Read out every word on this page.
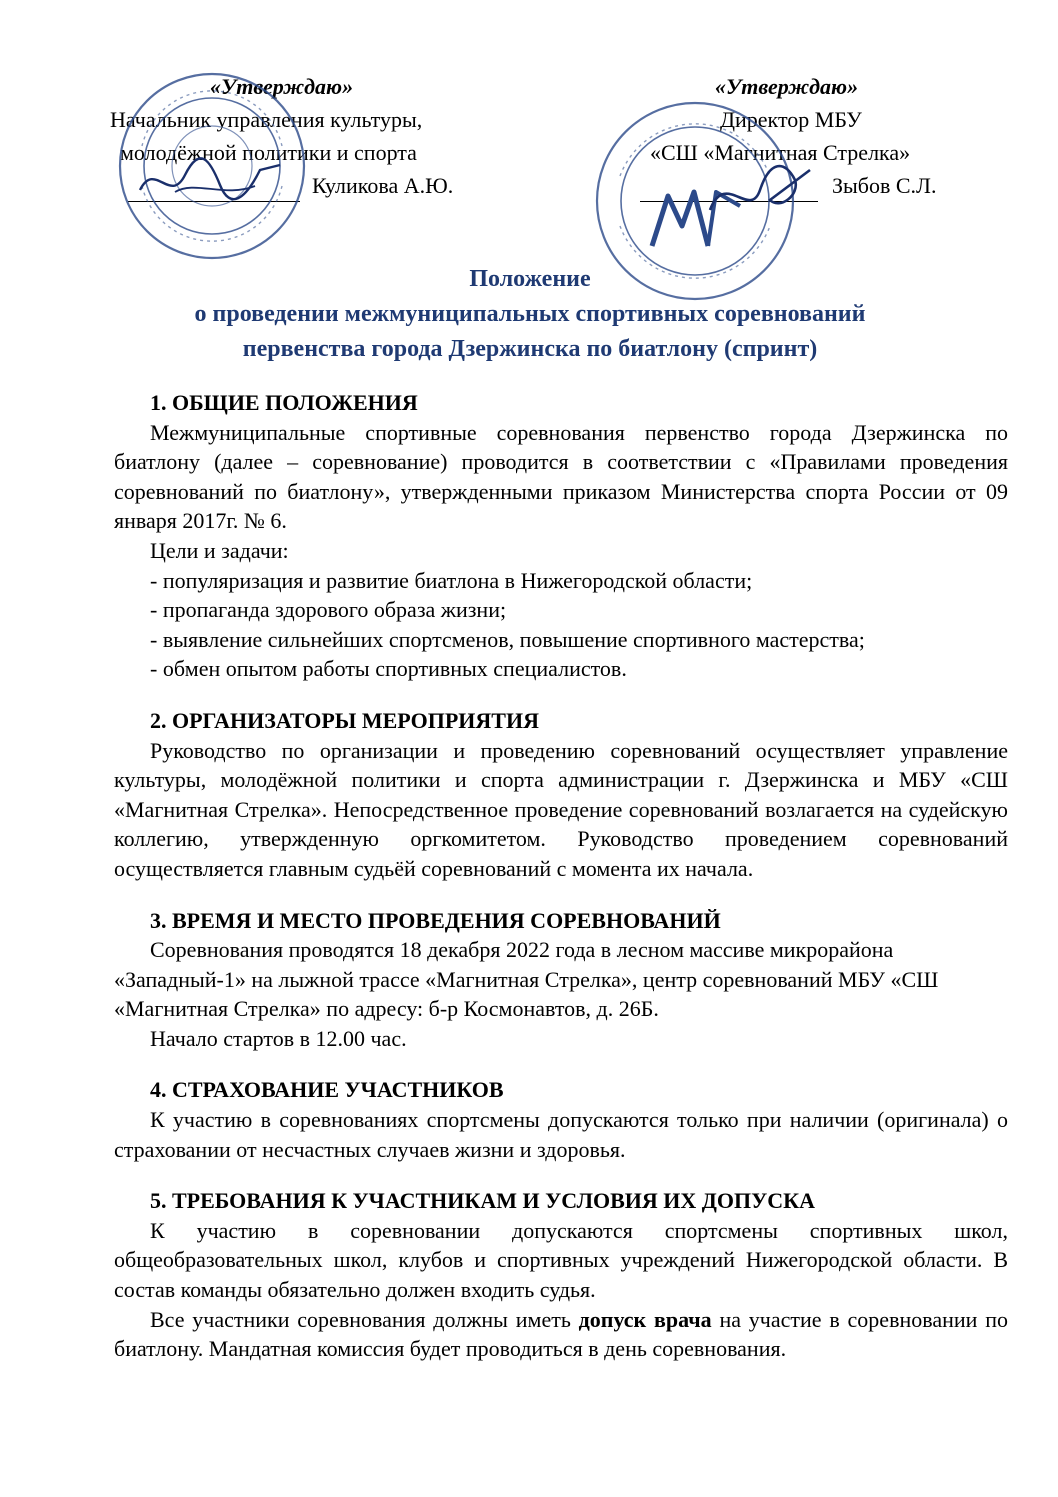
«Утверждаю»
Начальник управления культуры,
молодёжной политики и спорта
Куликова А.Ю.
«Утверждаю»
Директор МБУ
«СШ «Магнитная Стрелка»
Зыбов С.Л.
Положение
о проведении межмуниципальных спортивных соревнований
первенства города Дзержинска по биатлону (спринт)

1. ОБЩИЕ ПОЛОЖЕНИЯ

Межмуниципальные спортивные соревнования первенство города Дзержинска по биатлону (далее – соревнование) проводится в соответствии с «Правилами проведения соревнований по биатлону», утвержденными приказом Министерства спорта России от 09 января 2017г. № 6.

Цели и задачи:

- популяризация и развитие биатлона в Нижегородской области;

- пропаганда здорового образа жизни;

- выявление сильнейших спортсменов, повышение спортивного мастерства;

- обмен опытом работы спортивных специалистов.

2. ОРГАНИЗАТОРЫ МЕРОПРИЯТИЯ

Руководство по организации и проведению соревнований осуществляет управление культуры, молодёжной политики и спорта администрации г. Дзержинска и МБУ «СШ «Магнитная Стрелка». Непосредственное проведение соревнований возлагается на судейскую коллегию, утвержденную оргкомитетом. Руководство проведением соревнований осуществляется главным судьёй соревнований с момента их начала.

3. ВРЕМЯ И МЕСТО ПРОВЕДЕНИЯ СОРЕВНОВАНИЙ

Соревнования проводятся 18 декабря 2022 года в лесном массиве микрорайона «Западный-1» на лыжной трассе «Магнитная Стрелка», центр соревнований МБУ «СШ «Магнитная Стрелка» по адресу: б-р Космонавтов, д. 26Б.

Начало стартов в 12.00 час.

4. СТРАХОВАНИЕ УЧАСТНИКОВ

К участию в соревнованиях спортсмены допускаются только при наличии (оригинала) о страховании от несчастных случаев жизни и здоровья.

5. ТРЕБОВАНИЯ К УЧАСТНИКАМ И УСЛОВИЯ ИХ ДОПУСКА

К участию в соревновании допускаются спортсмены спортивных школ, общеобразовательных школ, клубов и спортивных учреждений Нижегородской области. В состав команды обязательно должен входить судья.

Все участники соревнования должны иметь допуск врача на участие в соревновании по биатлону. Мандатная комиссия будет проводиться в день соревнования.
